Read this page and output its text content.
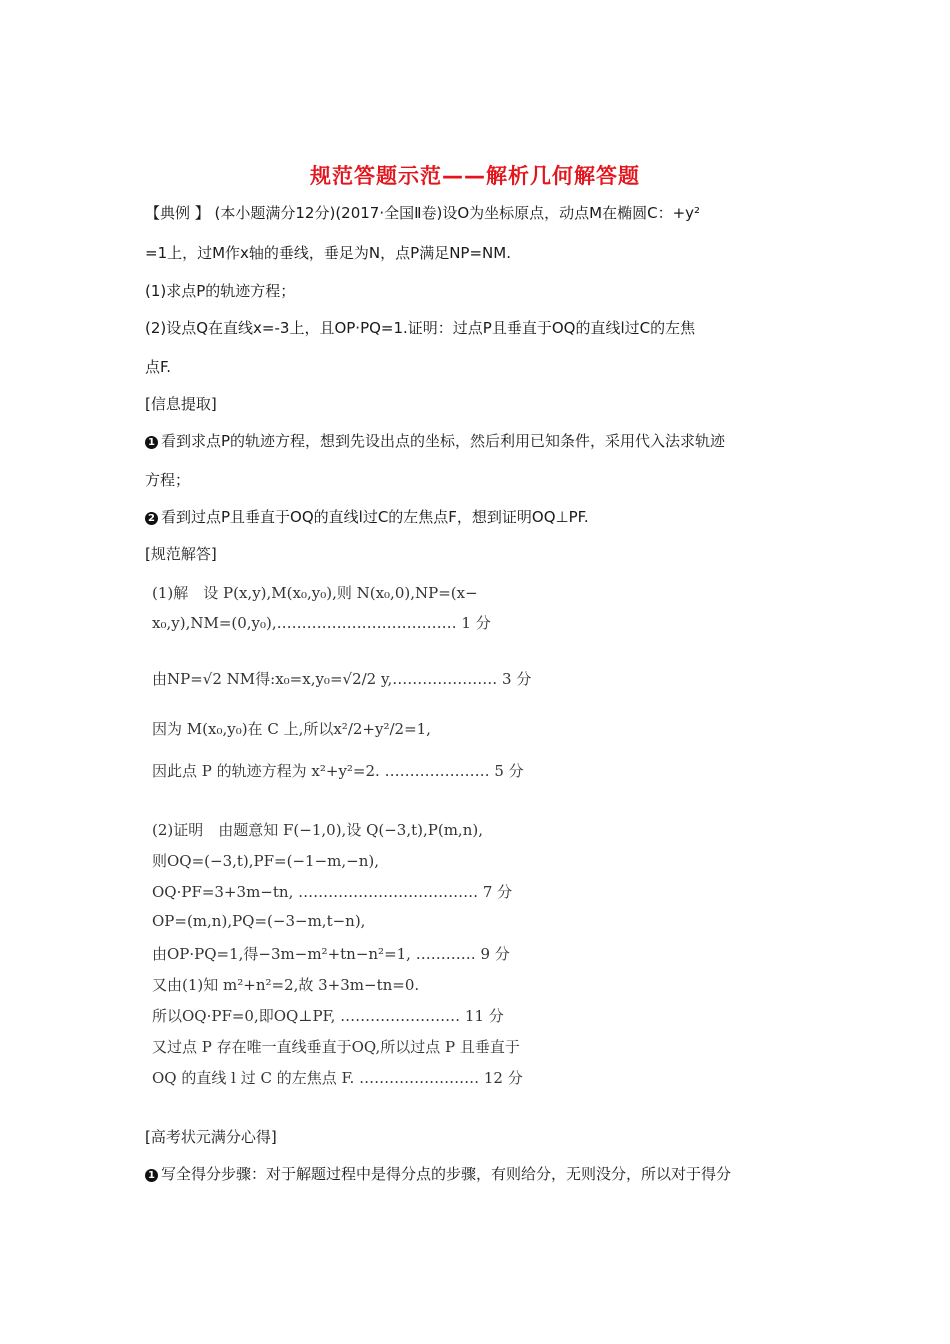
规范答题示范——解析几何解答题
【典例 】 (本小题满分12分)(2017·全国Ⅱ卷)设O为坐标原点，动点M在椭圆C：+y²
=1上，过M作x轴的垂线，垂足为N，点P满足NP=NM.
(1)求点P的轨迹方程；
(2)设点Q在直线x=-3上，且OP·PQ=1.证明：过点P且垂直于OQ的直线l过C的左焦
点F.
[信息提取]
1 看到求点P的轨迹方程，想到先设出点的坐标，然后利用已知条件，采用代入法求轨迹
方程；
2 看到过点P且垂直于OQ的直线l过C的左焦点F，想到证明OQ⊥PF.
[规范解答]
(1)解　设 P(x,y),M(x₀,y₀),则 N(x₀,0),NP=(x−
x₀,y),NM=(0,y₀),……………………………… 1 分
由NP=√2 NM得:x₀=x,y₀=√2/2 y,………………… 3 分
因为 M(x₀,y₀)在 C 上,所以x²/2+y²/2=1,
因此点 P 的轨迹方程为 x²+y²=2. ………………… 5 分
(2)证明　由题意知 F(−1,0),设 Q(−3,t),P(m,n),
则OQ=(−3,t),PF=(−1−m,−n),
OQ·PF=3+3m−tn, ……………………………… 7 分
OP=(m,n),PQ=(−3−m,t−n),
由OP·PQ=1,得−3m−m²+tn−n²=1, ………… 9 分
又由(1)知 m²+n²=2,故 3+3m−tn=0.
所以OQ·PF=0,即OQ⊥PF, …………………… 11 分
又过点 P 存在唯一直线垂直于OQ,所以过点 P 且垂直于
OQ 的直线 l 过 C 的左焦点 F. …………………… 12 分
[高考状元满分心得]
1 写全得分步骤：对于解题过程中是得分点的步骤，有则给分，无则没分，所以对于得分
